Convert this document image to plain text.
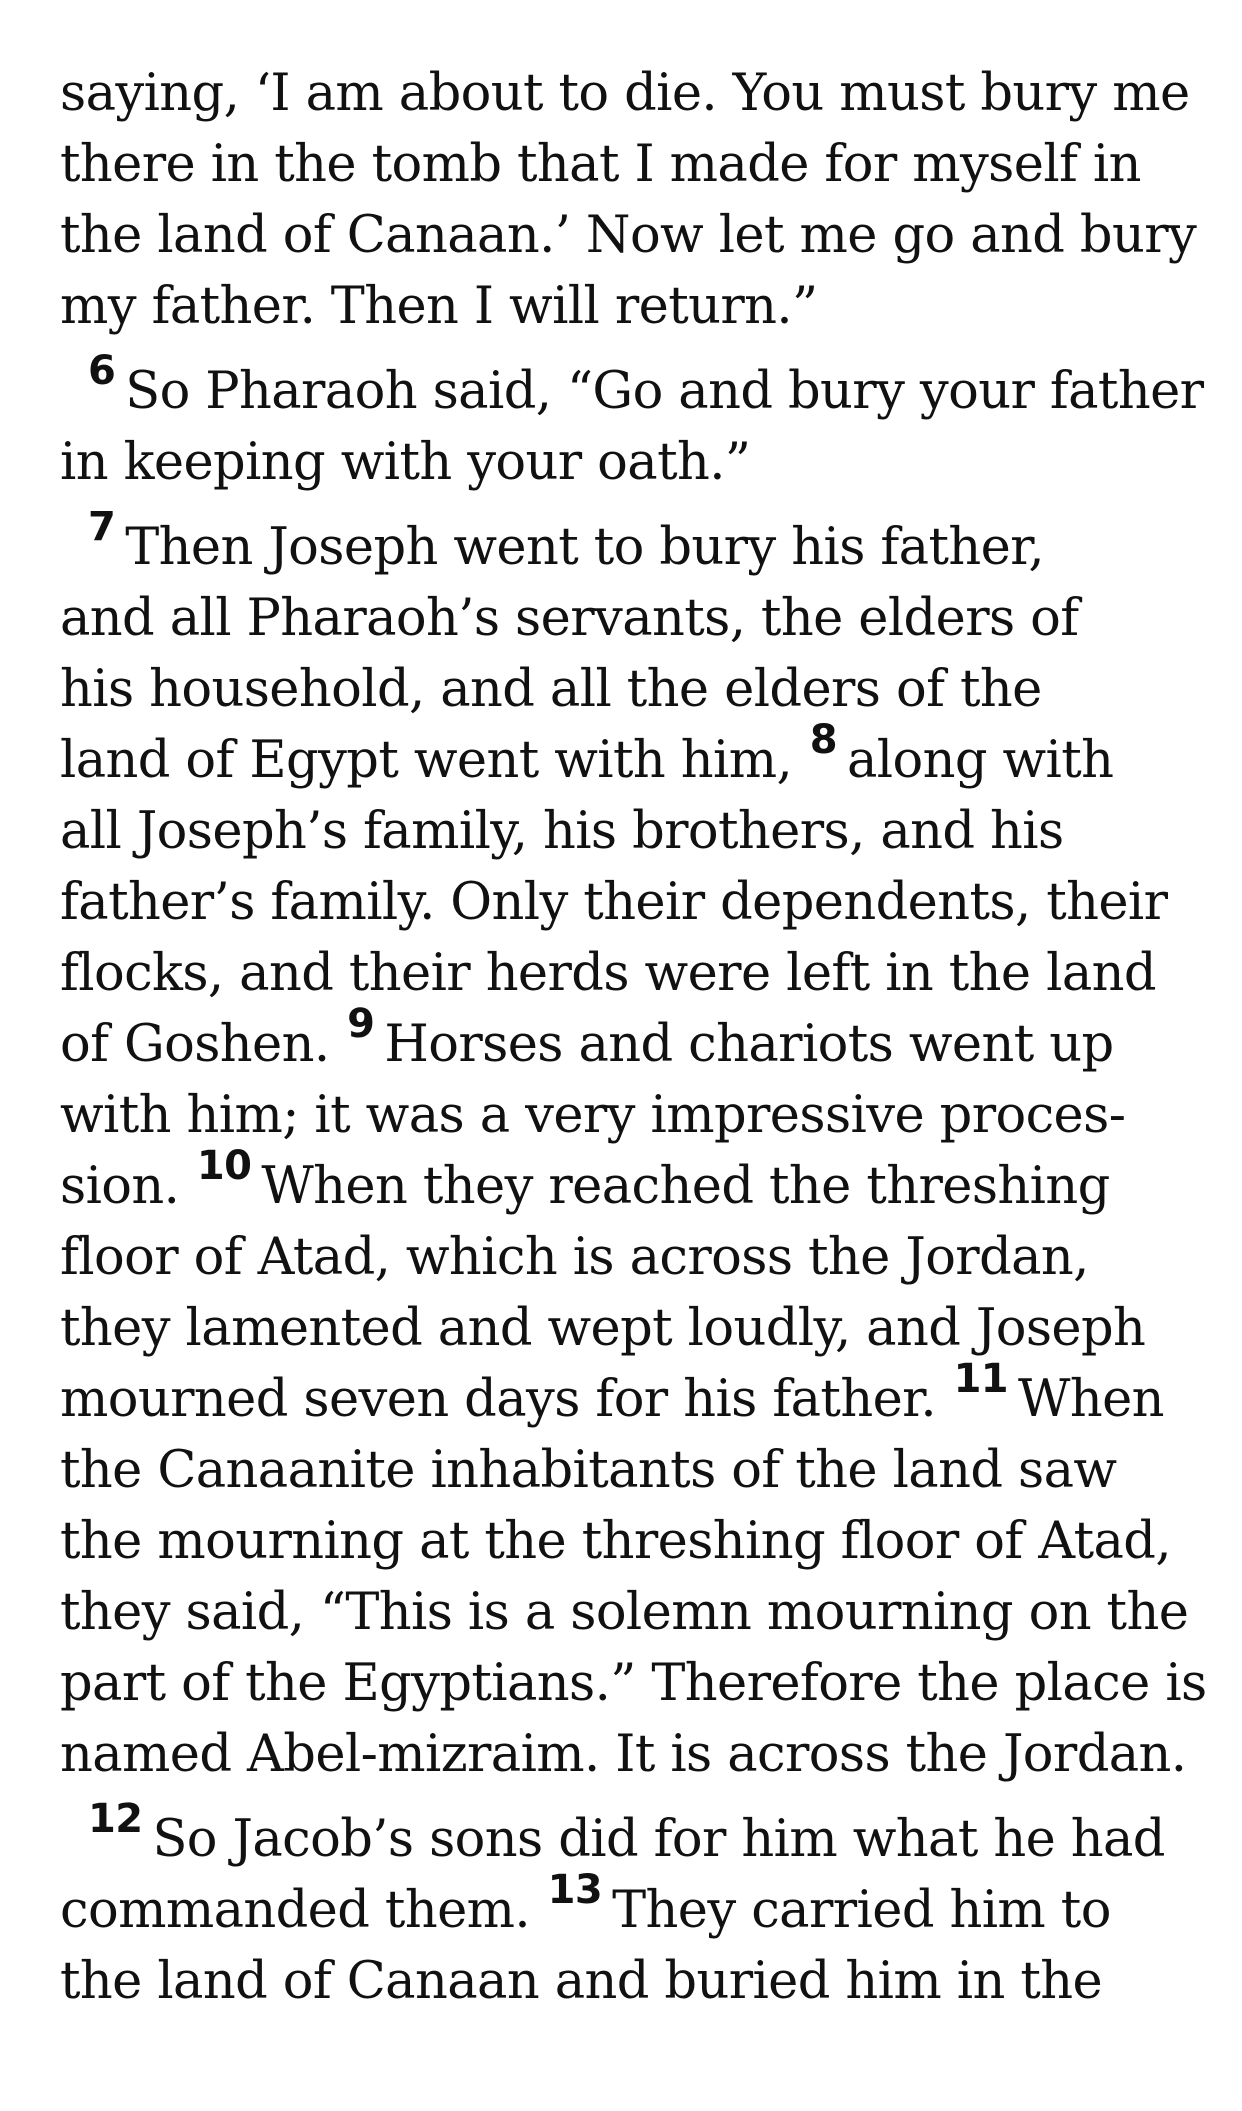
saying, ‘I am about to die. You must bury me
there in the tomb that I made for myself in
the land of Canaan.’ Now let me go and bury
my father. Then I will return.”
$^6$ So Pharaoh said, “Go and bury your father
in keeping with your oath.”
$^7$ Then Joseph went to bury his father,
and all Pharaoh’s servants, the elders of
his household, and all the elders of the
land of Egypt went with him, $^8$ along with
all Joseph’s family, his brothers, and his
father’s family. Only their dependents, their
flocks, and their herds were left in the land
of Goshen. $^9$ Horses and chariots went up
with him; it was a very impressive proces-
sion. $^{10}$ When they reached the threshing
floor of Atad, which is across the Jordan,
they lamented and wept loudly, and Joseph
mourned seven days for his father. $^{11}$ When
the Canaanite inhabitants of the land saw
the mourning at the threshing floor of Atad,
they said, “This is a solemn mourning on the
part of the Egyptians.” Therefore the place is
named Abel-mizraim. It is across the Jordan.
$^{12}$ So Jacob’s sons did for him what he had
commanded them. $^{13}$ They carried him to
the land of Canaan and buried him in the
